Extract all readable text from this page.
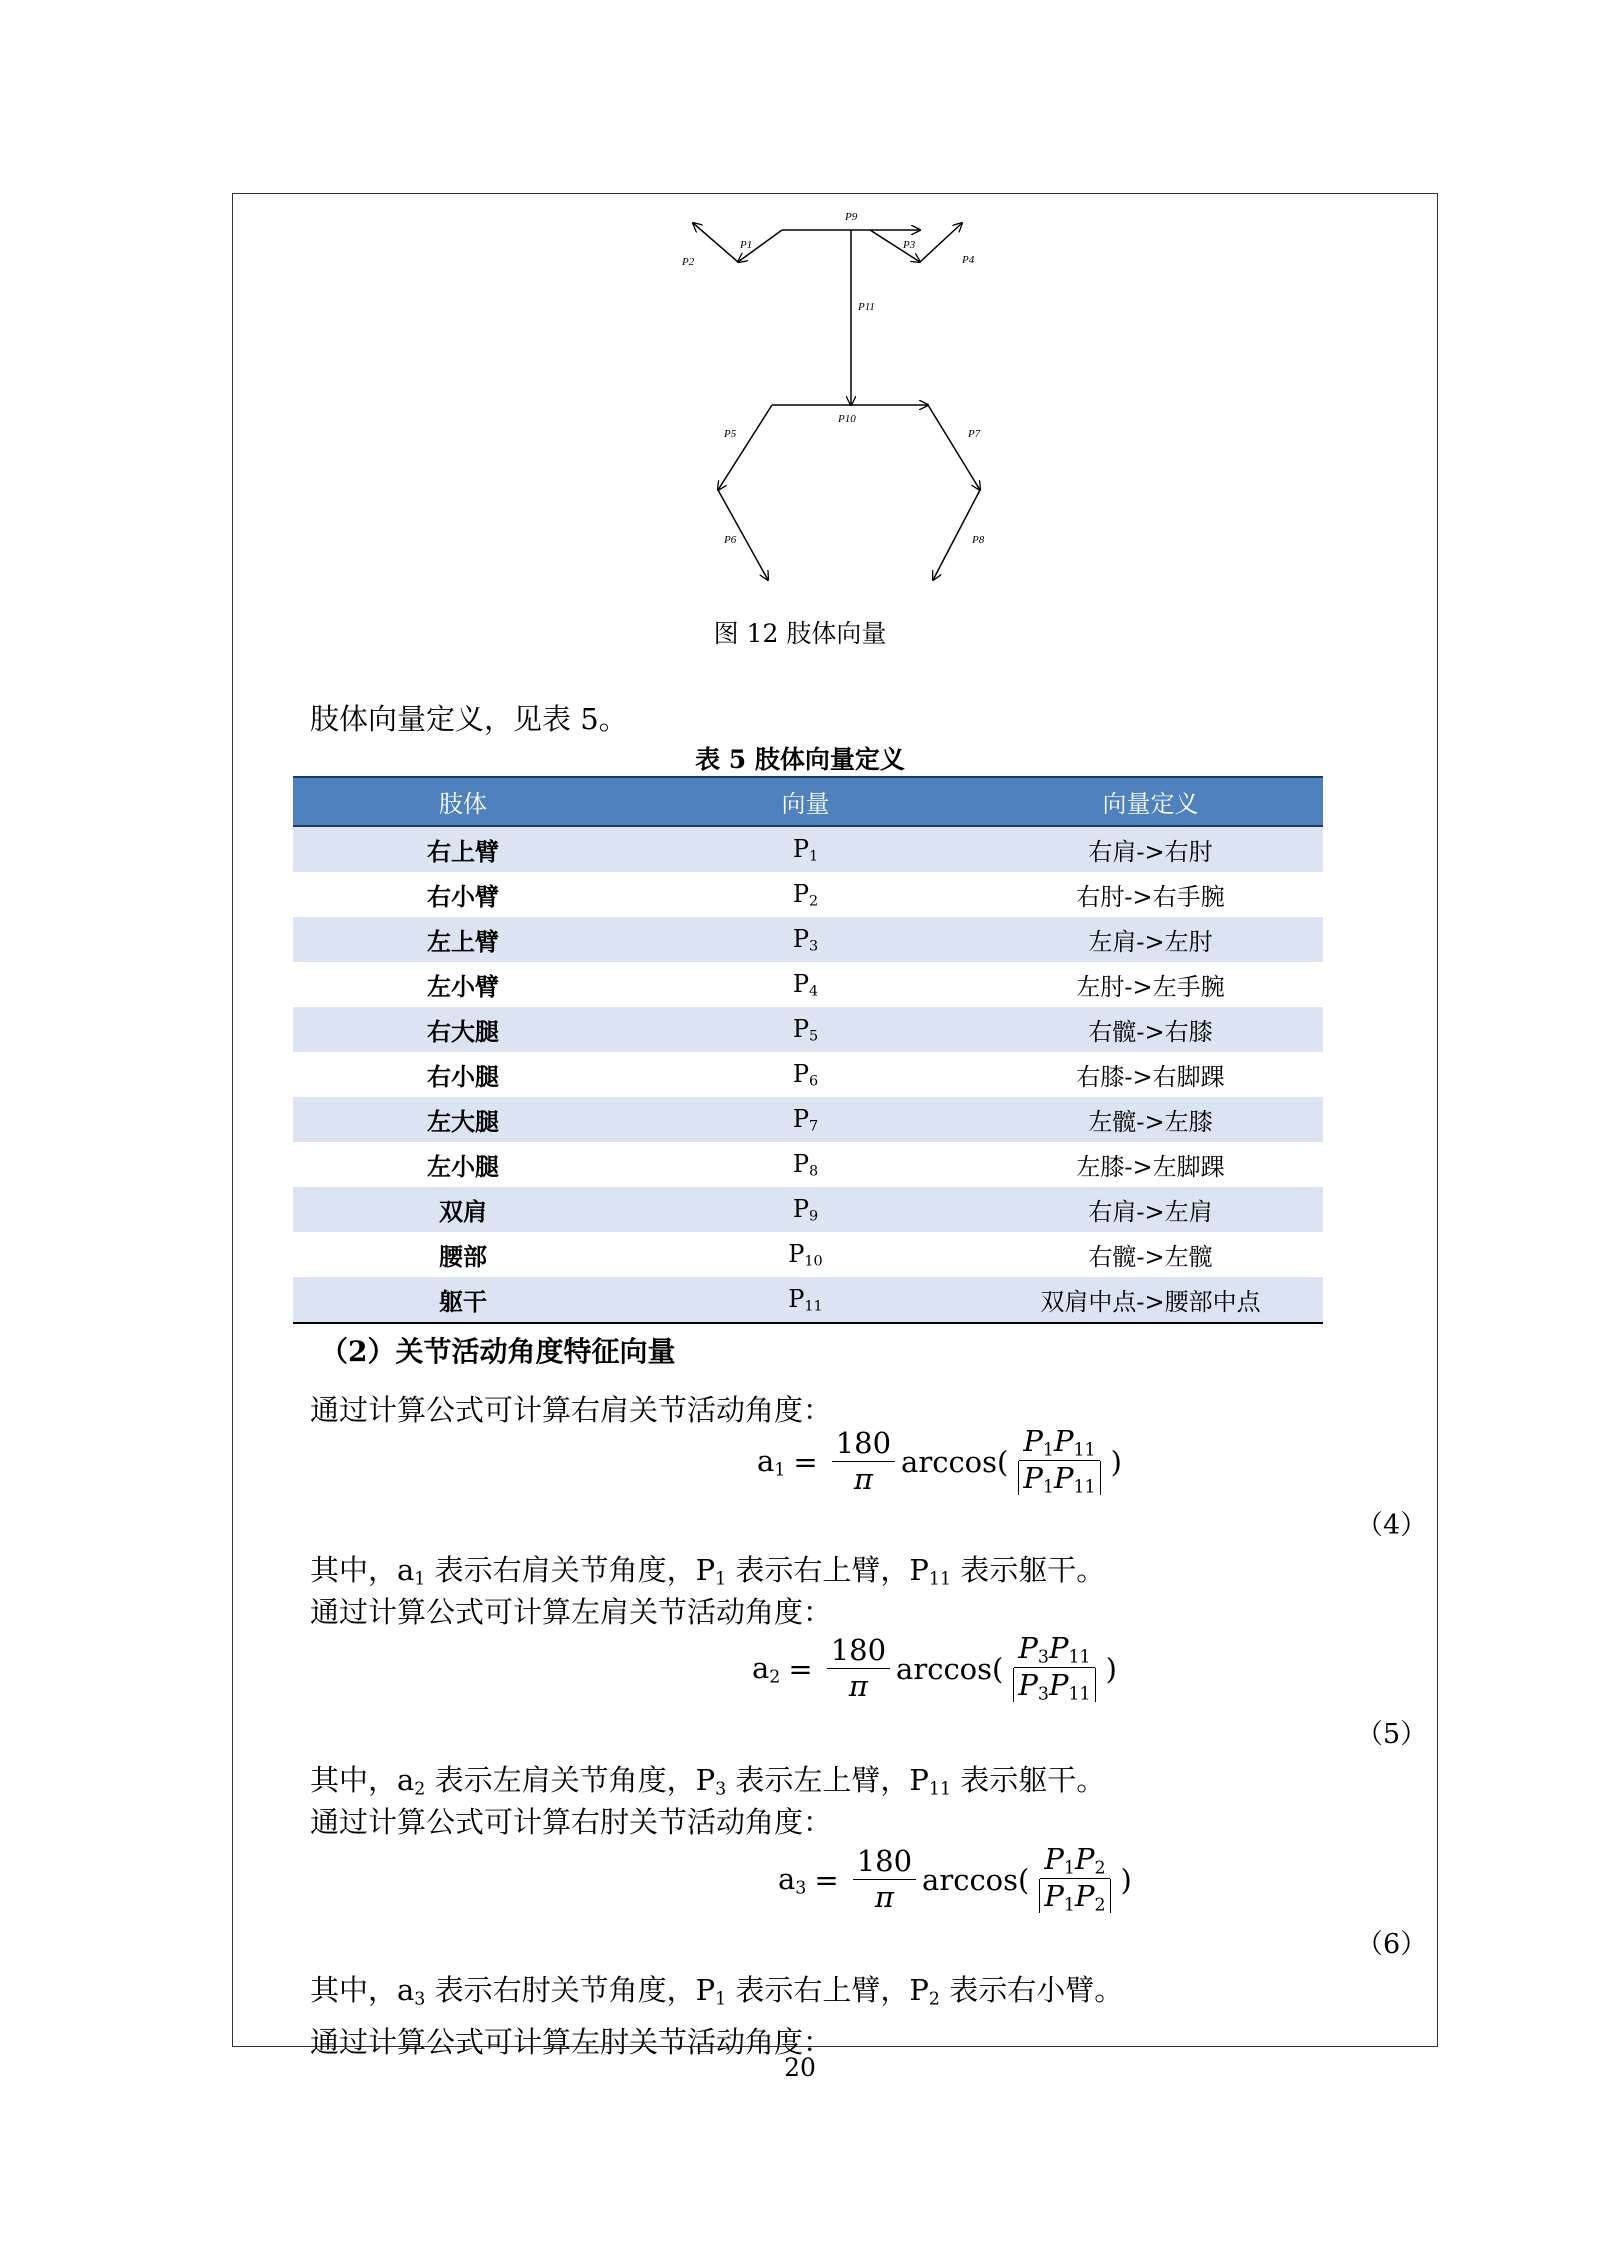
P9
P1
P2
P3
P4
P11
P10
P5	P7
P6	P8
图 12 肢体向量
肢体向量定义，见表 5。
表 5 肢体向量定义
肢体	向量	向量定义
右上臂	$P_1$	右肩->右肘
右小臂	$P_2$	右肘->右手腕
左上臂	$P_3$	左肩->左肘
左小臂	$P_4$	左肘->左手腕
右大腿	$P_5$	右髋->右膝
右小腿	$P_6$	右膝->右脚踝
左大腿	$P_7$	左髋->左膝
左小腿	$P_8$	左膝->左脚踝
双肩	$P_9$	右肩->左肩
腰部	$P_{10}$	右髋->左髋
躯干	$P_{11}$	双肩中点->腰部中点
（2）关节活动角度特征向量
通过计算公式可计算右肩关节活动角度：
$a_1 = \frac{180}{\pi} \arccos( \frac{P_1P_{11}}{P_1P_{11}}$ )
（4）
其中，$a_1$ 表示右肩关节角度，$P_1$ 表示右上臂，$P_{11}$ 表示躯干。
通过计算公式可计算左肩关节活动角度：
$a_2 = \frac{180}{\pi} \arccos( \frac{P_3P_{11}}{P_3P_{11}}$ )
（5）
其中，$a_2$ 表示左肩关节角度，$P_3$ 表示左上臂，$P_{11}$ 表示躯干。
通过计算公式可计算右肘关节活动角度：
$a_3 = \frac{180}{\pi} \arccos( \frac{P_1P_2}{P_1P_2}$ )
（6）
其中，$a_3$ 表示右肘关节角度，$P_1$ 表示右上臂，$P_2$ 表示右小臂。
通过计算公式可计算左肘关节活动角度：
20
